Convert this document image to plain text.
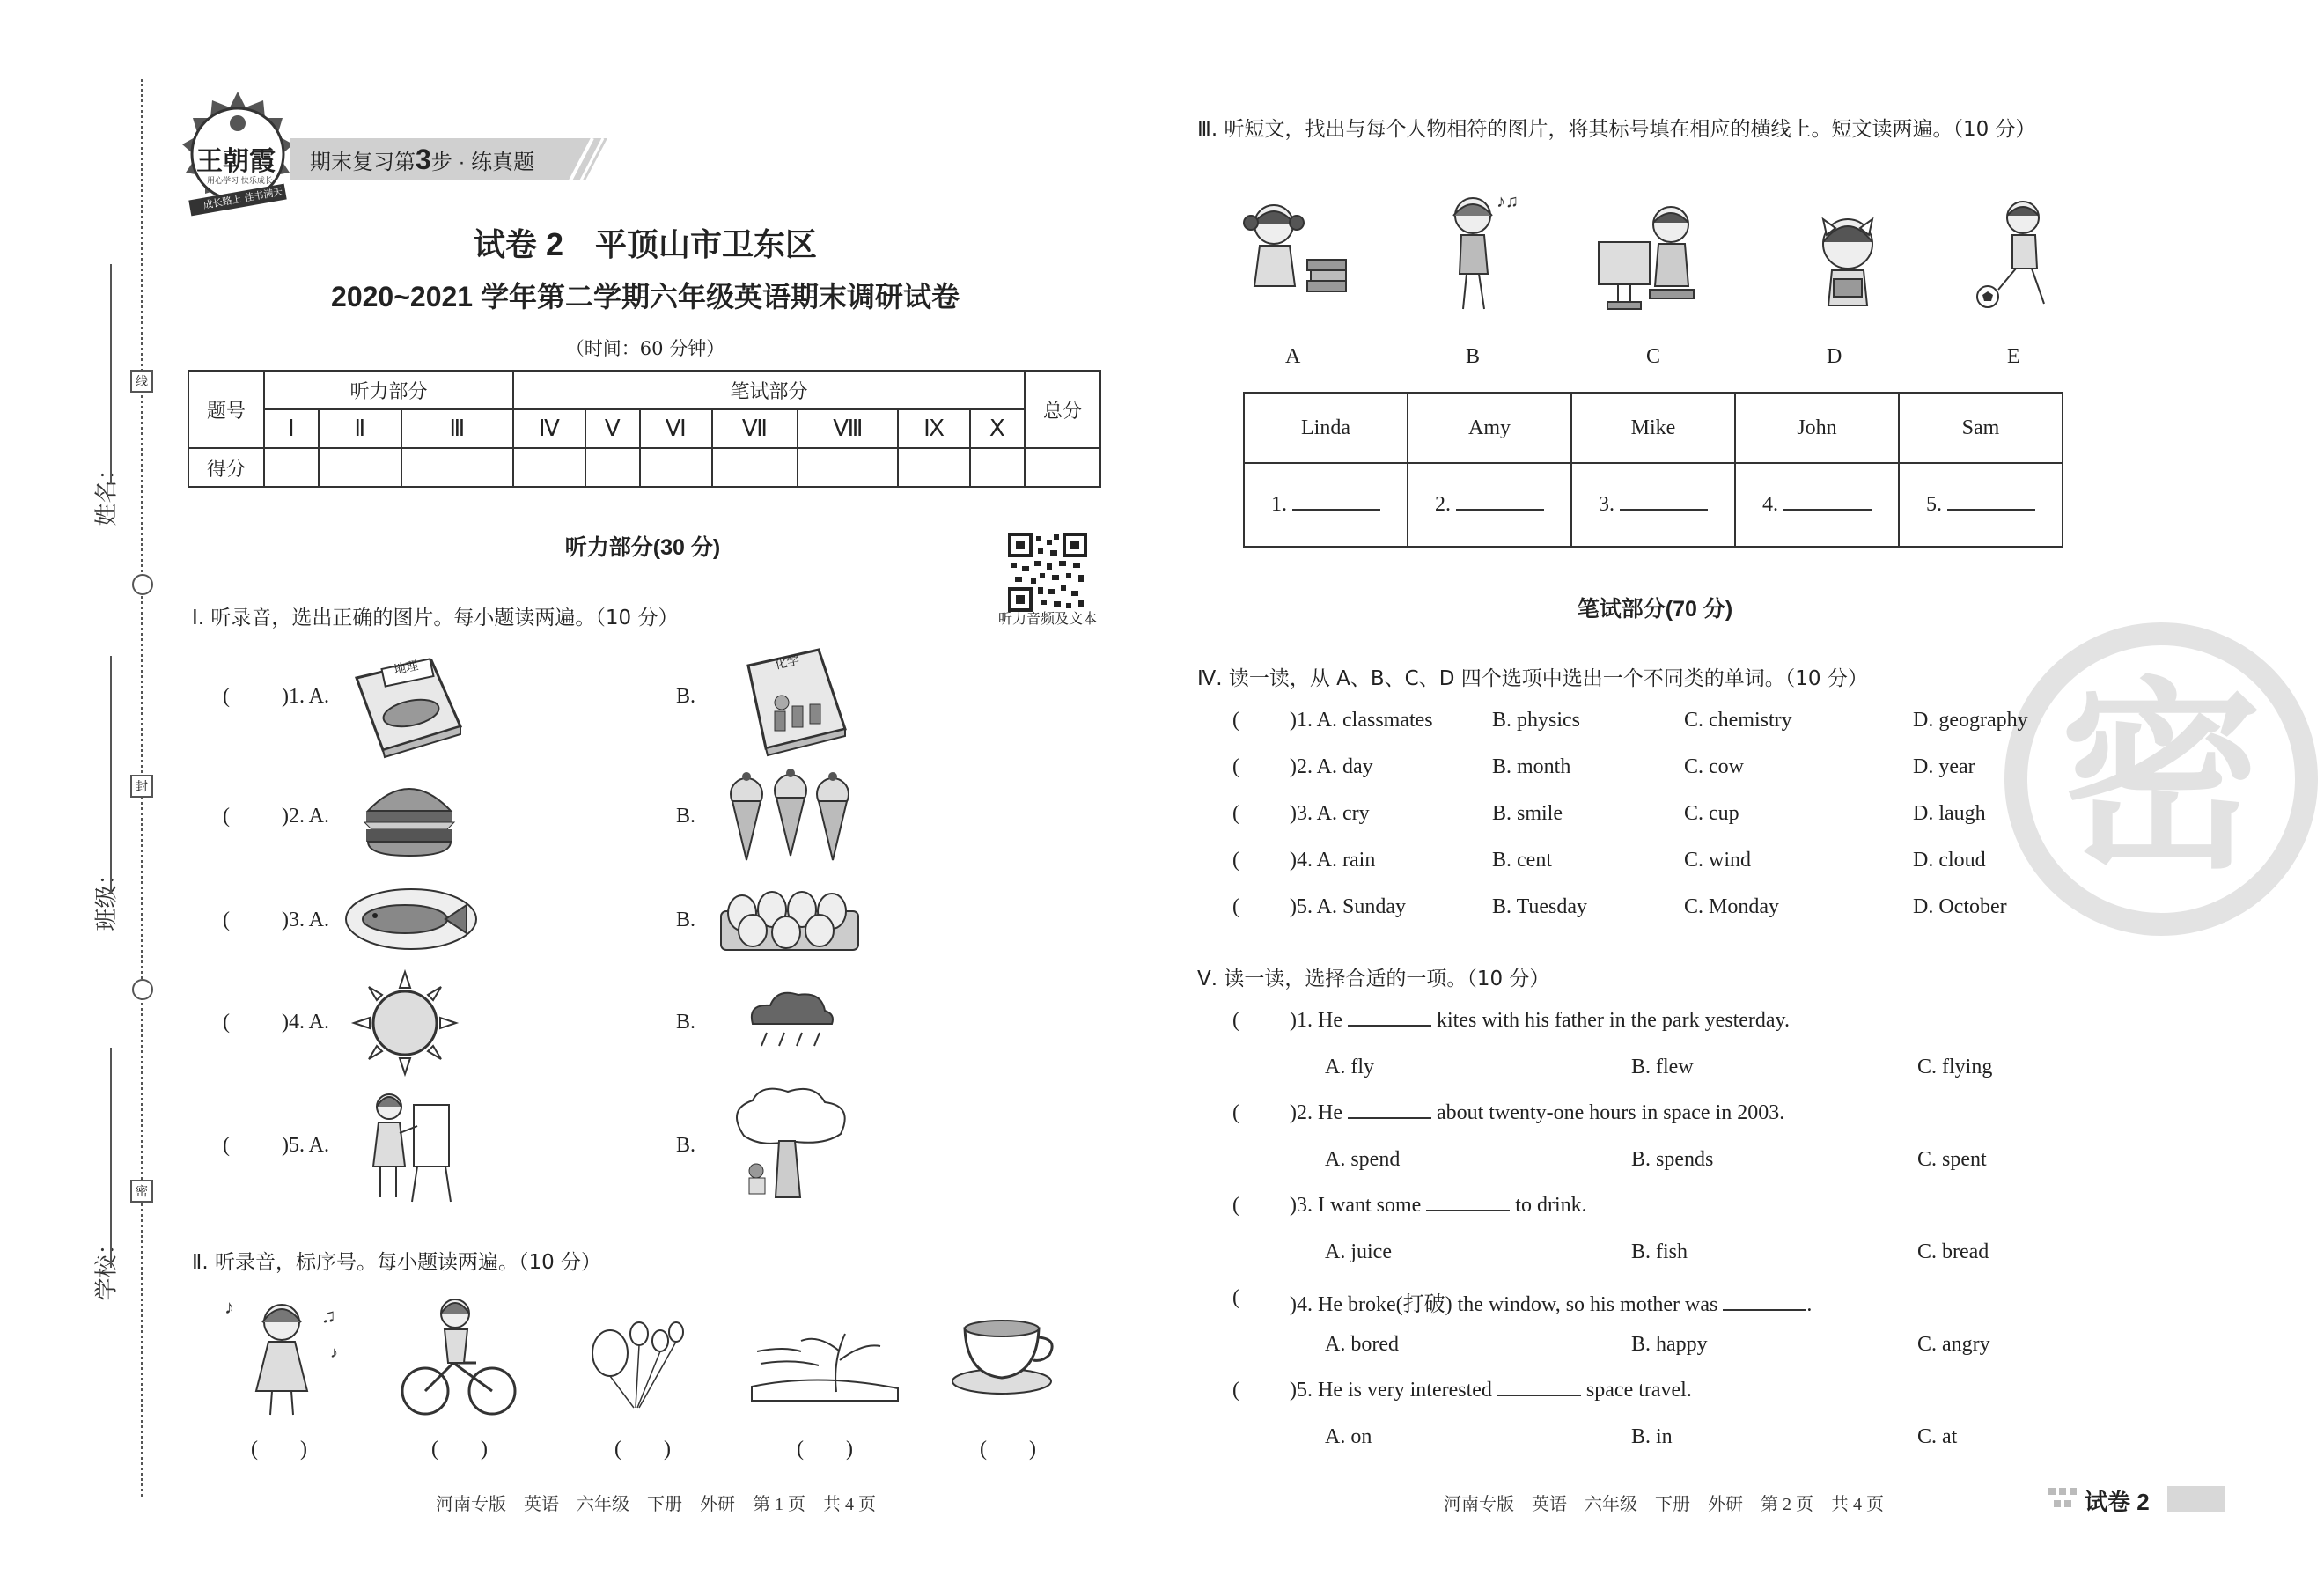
姓名：
班级：
学校：
线
封
密
王朝霞
用心学习 快乐成长
成长路上 佳书满天
期末复习第3步 · 练真题
试卷 2　平顶山市卫东区
2020~2021 学年第二学期六年级英语期末调研试卷
（时间：60 分钟）
题号	听力部分			笔试部分							总分
	Ⅰ	Ⅱ	Ⅲ	Ⅳ	Ⅴ	Ⅵ	Ⅶ	Ⅷ	Ⅸ	Ⅹ	
得分											
听力部分(30 分)
听力音频及文本
Ⅰ. 听录音，选出正确的图片。每小题读两遍。（10 分）
( )1. A.	B.
( )2. A.	B.
( )3. A.	B.
( )4. A.	B.
( )5. A.	B.
地理	化学
Ⅱ. 听录音，标序号。每小题读两遍。（10 分）
♪	♫
♪
(　　)	(　　)	(　　)	(　　)	(　　)
Ⅲ. 听短文，找出与每个人物相符的图片，将其标号填在相应的横线上。短文读两遍。（10 分）
♪♫
A	B	C	D	E
Linda	Amy	Mike	John	Sam
1.	2.	3.	4.	5.
密
笔试部分(70 分)
Ⅳ. 读一读，从 A、B、C、D 四个选项中选出一个不同类的单词。（10 分）
( )1. A. classmates	B. physics	C. chemistry	D. geography
( )2. A. day	B. month	C. cow	D. year
( )3. A. cry	B. smile	C. cup	D. laugh
( )4. A. rain	B. cent	C. wind	D. cloud
( )5. A. Sunday	B. Tuesday	C. Monday	D. October
Ⅴ. 读一读，选择合适的一项。（10 分）
( )1. He	kites with his father in the park yesterday.
A. fly	B. flew	C. flying
( )2. He	about twenty-one hours in space in 2003.
A. spend	B. spends	C. spent
( )3. I want some	to drink.
A. juice	B. fish	C. bread
( )4. He broke(打破) the window, so his mother was	.
A. bored	B. happy	C. angry
( )5. He is very interested	space travel.
A. on	B. in	C. at
河南专版　英语　六年级　下册　外研　第 1 页　共 4 页	河南专版　英语　六年级　下册　外研　第 2 页　共 4 页	试卷 2
